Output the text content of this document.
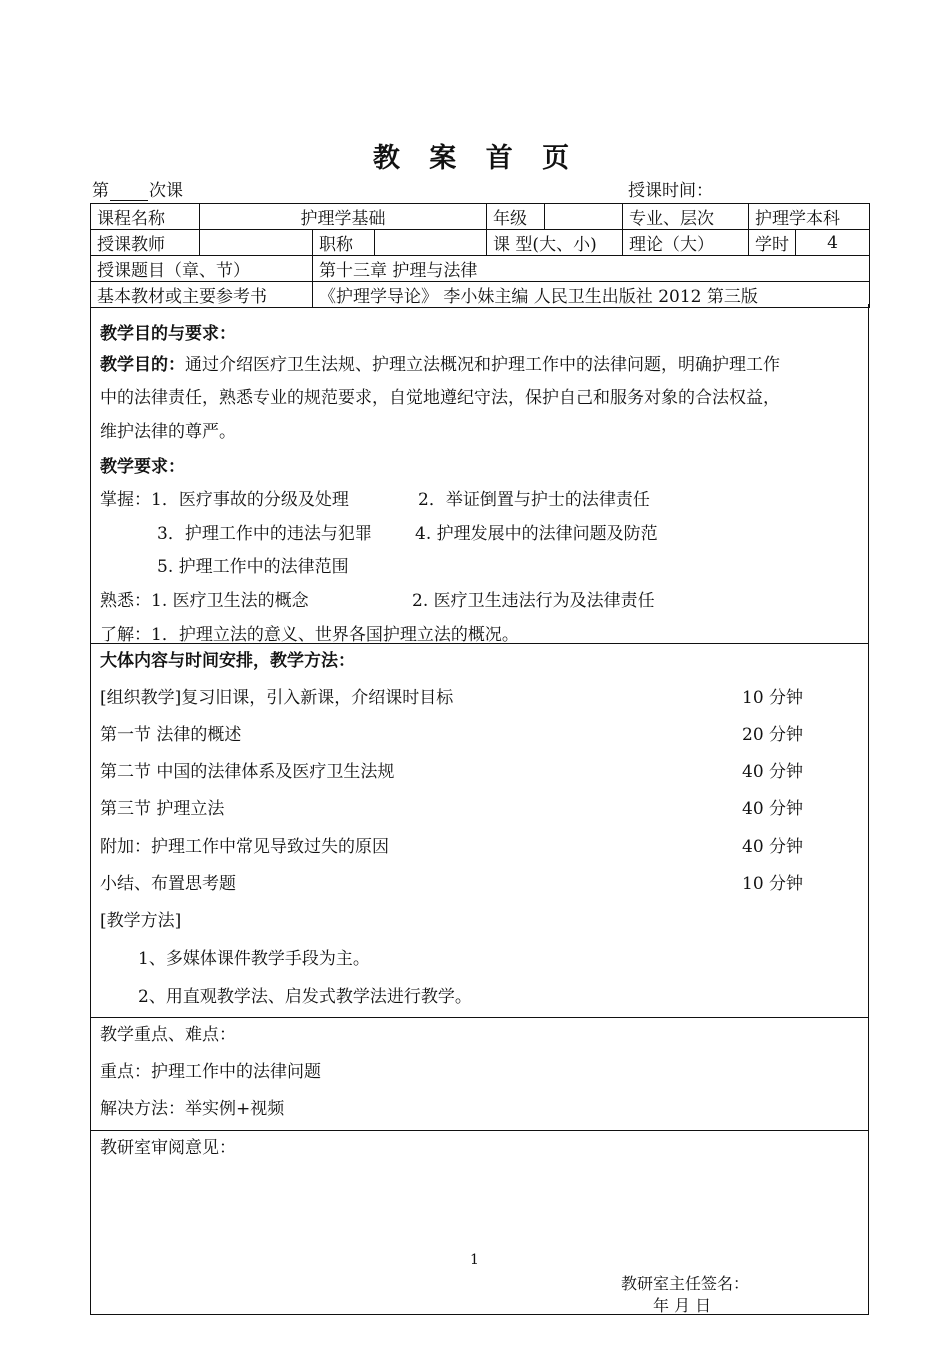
教 案 首 页
第 次课	授课时间：
课程名称	护理学基础			年级		专业、层次	护理学本科	
授课教师		职称		课 型(大、小)		理论（大）	学时	4
授课题目（章、节）		第十三章 护理与法律						
基本教材或主要参考书		《护理学导论》 李小妹主编 人民卫生出版社 2012 第三版						
教学目的与要求：
教学目的：通过介绍医疗卫生法规、护理立法概况和护理工作中的法律问题，明确护理工作
中的法律责任，熟悉专业的规范要求，自觉地遵纪守法，保护自己和服务对象的合法权益，
维护法律的尊严。
教学要求：
掌握：1．医疗事故的分级及处理	2．举证倒置与护士的法律责任
3．护理工作中的违法与犯罪	4. 护理发展中的法律问题及防范
5. 护理工作中的法律范围
熟悉：1. 医疗卫生法的概念	2. 医疗卫生违法行为及法律责任
了解：1．护理立法的意义、世界各国护理立法的概况。
大体内容与时间安排，教学方法：
[组织教学]复习旧课，引入新课，介绍课时目标	10 分钟
第一节 法律的概述	20 分钟
第二节 中国的法律体系及医疗卫生法规	40 分钟
第三节 护理立法	40 分钟
附加：护理工作中常见导致过失的原因	40 分钟
小结、布置思考题	10 分钟
[教学方法]
1、多媒体课件教学手段为主。
2、用直观教学法、启发式教学法进行教学。
教学重点、难点：
重点：护理工作中的法律问题
解决方法：举实例+视频
教研室审阅意见：
教研室主任签名：
年 月 日
1
